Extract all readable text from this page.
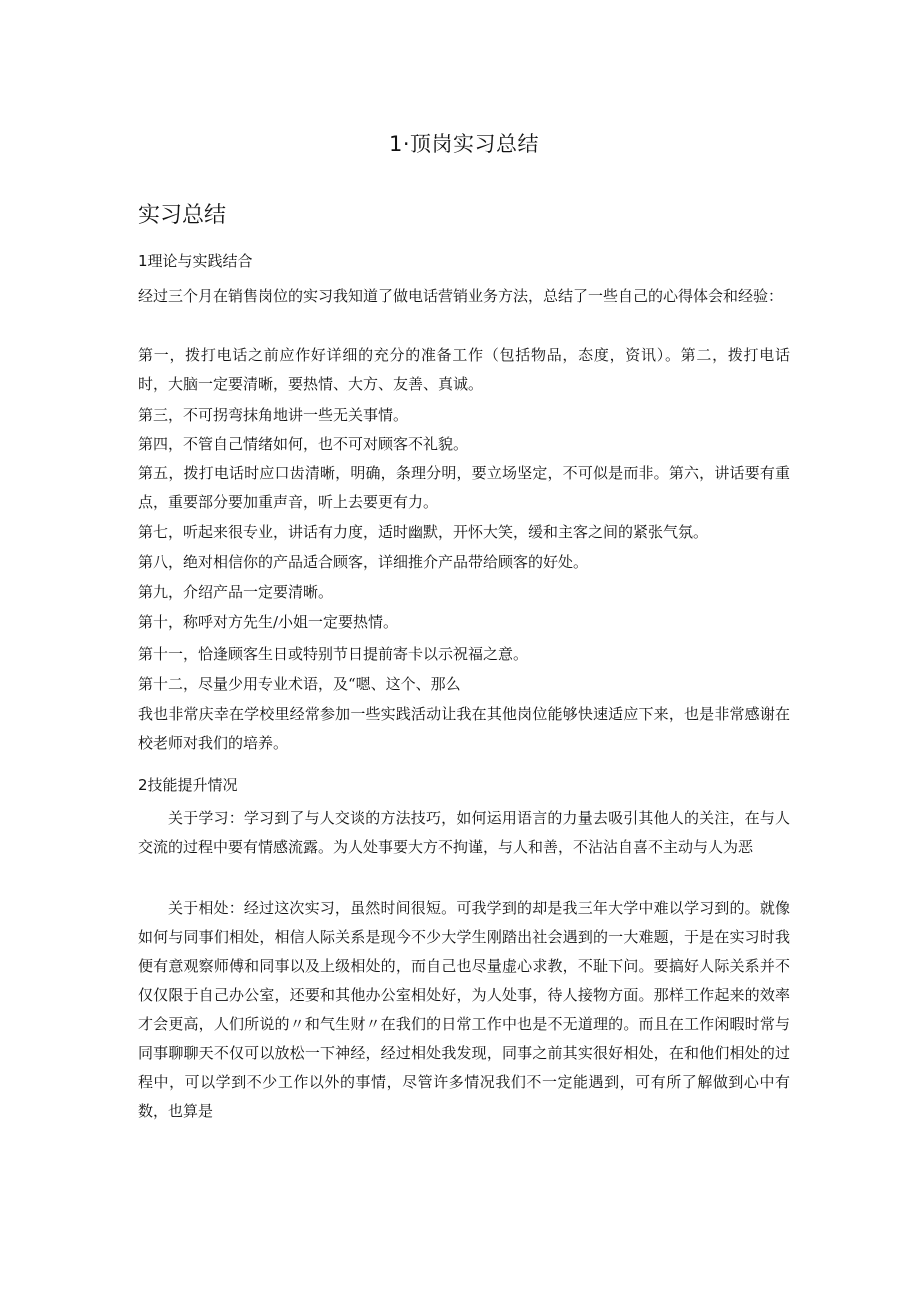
1·顶岗实习总结
实习总结
1理论与实践结合

经过三个月在销售岗位的实习我知道了做电话营销业务方法，总结了一些自己的心得体会和经验：

第一，拨打电话之前应作好详细的充分的准备工作（包括物品，态度，资讯）。第二，拨打电话时，大脑一定要清晰，要热情、大方、友善、真诚。

第三，不可拐弯抹角地讲一些无关事情。

第四，不管自己情绪如何，也不可对顾客不礼貌。

第五，拨打电话时应口齿清晰，明确，条理分明，要立场坚定，不可似是而非。第六，讲话要有重点，重要部分要加重声音，听上去要更有力。

第七，听起来很专业，讲话有力度，适时幽默，开怀大笑，缓和主客之间的紧张气氛。

第八，绝对相信你的产品适合顾客，详细推介产品带给顾客的好处。

第九，介绍产品一定要清晰。

第十，称呼对方先生/小姐一定要热情。

第十一，恰逢顾客生日或特别节日提前寄卡以示祝福之意。

第十二，尽量少用专业术语，及“嗯、这个、那么

我也非常庆幸在学校里经常参加一些实践活动让我在其他岗位能够快速适应下来，也是非常感谢在校老师对我们的培养。

2技能提升情况

关于学习：学习到了与人交谈的方法技巧，如何运用语言的力量去吸引其他人的关注，在与人交流的过程中要有情感流露。为人处事要大方不拘谨，与人和善，不沾沾自喜不主动与人为恶

关于相处：经过这次实习，虽然时间很短。可我学到的却是我三年大学中难以学习到的。就像如何与同事们相处，相信人际关系是现今不少大学生刚踏出社会遇到的一大难题，于是在实习时我便有意观察师傅和同事以及上级相处的，而自己也尽量虚心求教，不耻下问。要搞好人际关系并不仅仅限于自己办公室，还要和其他办公室相处好，为人处事，待人接物方面。那样工作起来的效率才会更高，人们所说的〃和气生财〃在我们的日常工作中也是不无道理的。而且在工作闲暇时常与同事聊聊天不仅可以放松一下神经，经过相处我发现，同事之前其实很好相处，在和他们相处的过程中，可以学到不少工作以外的事情，尽管许多情况我们不一定能遇到，可有所了解做到心中有数，也算是
